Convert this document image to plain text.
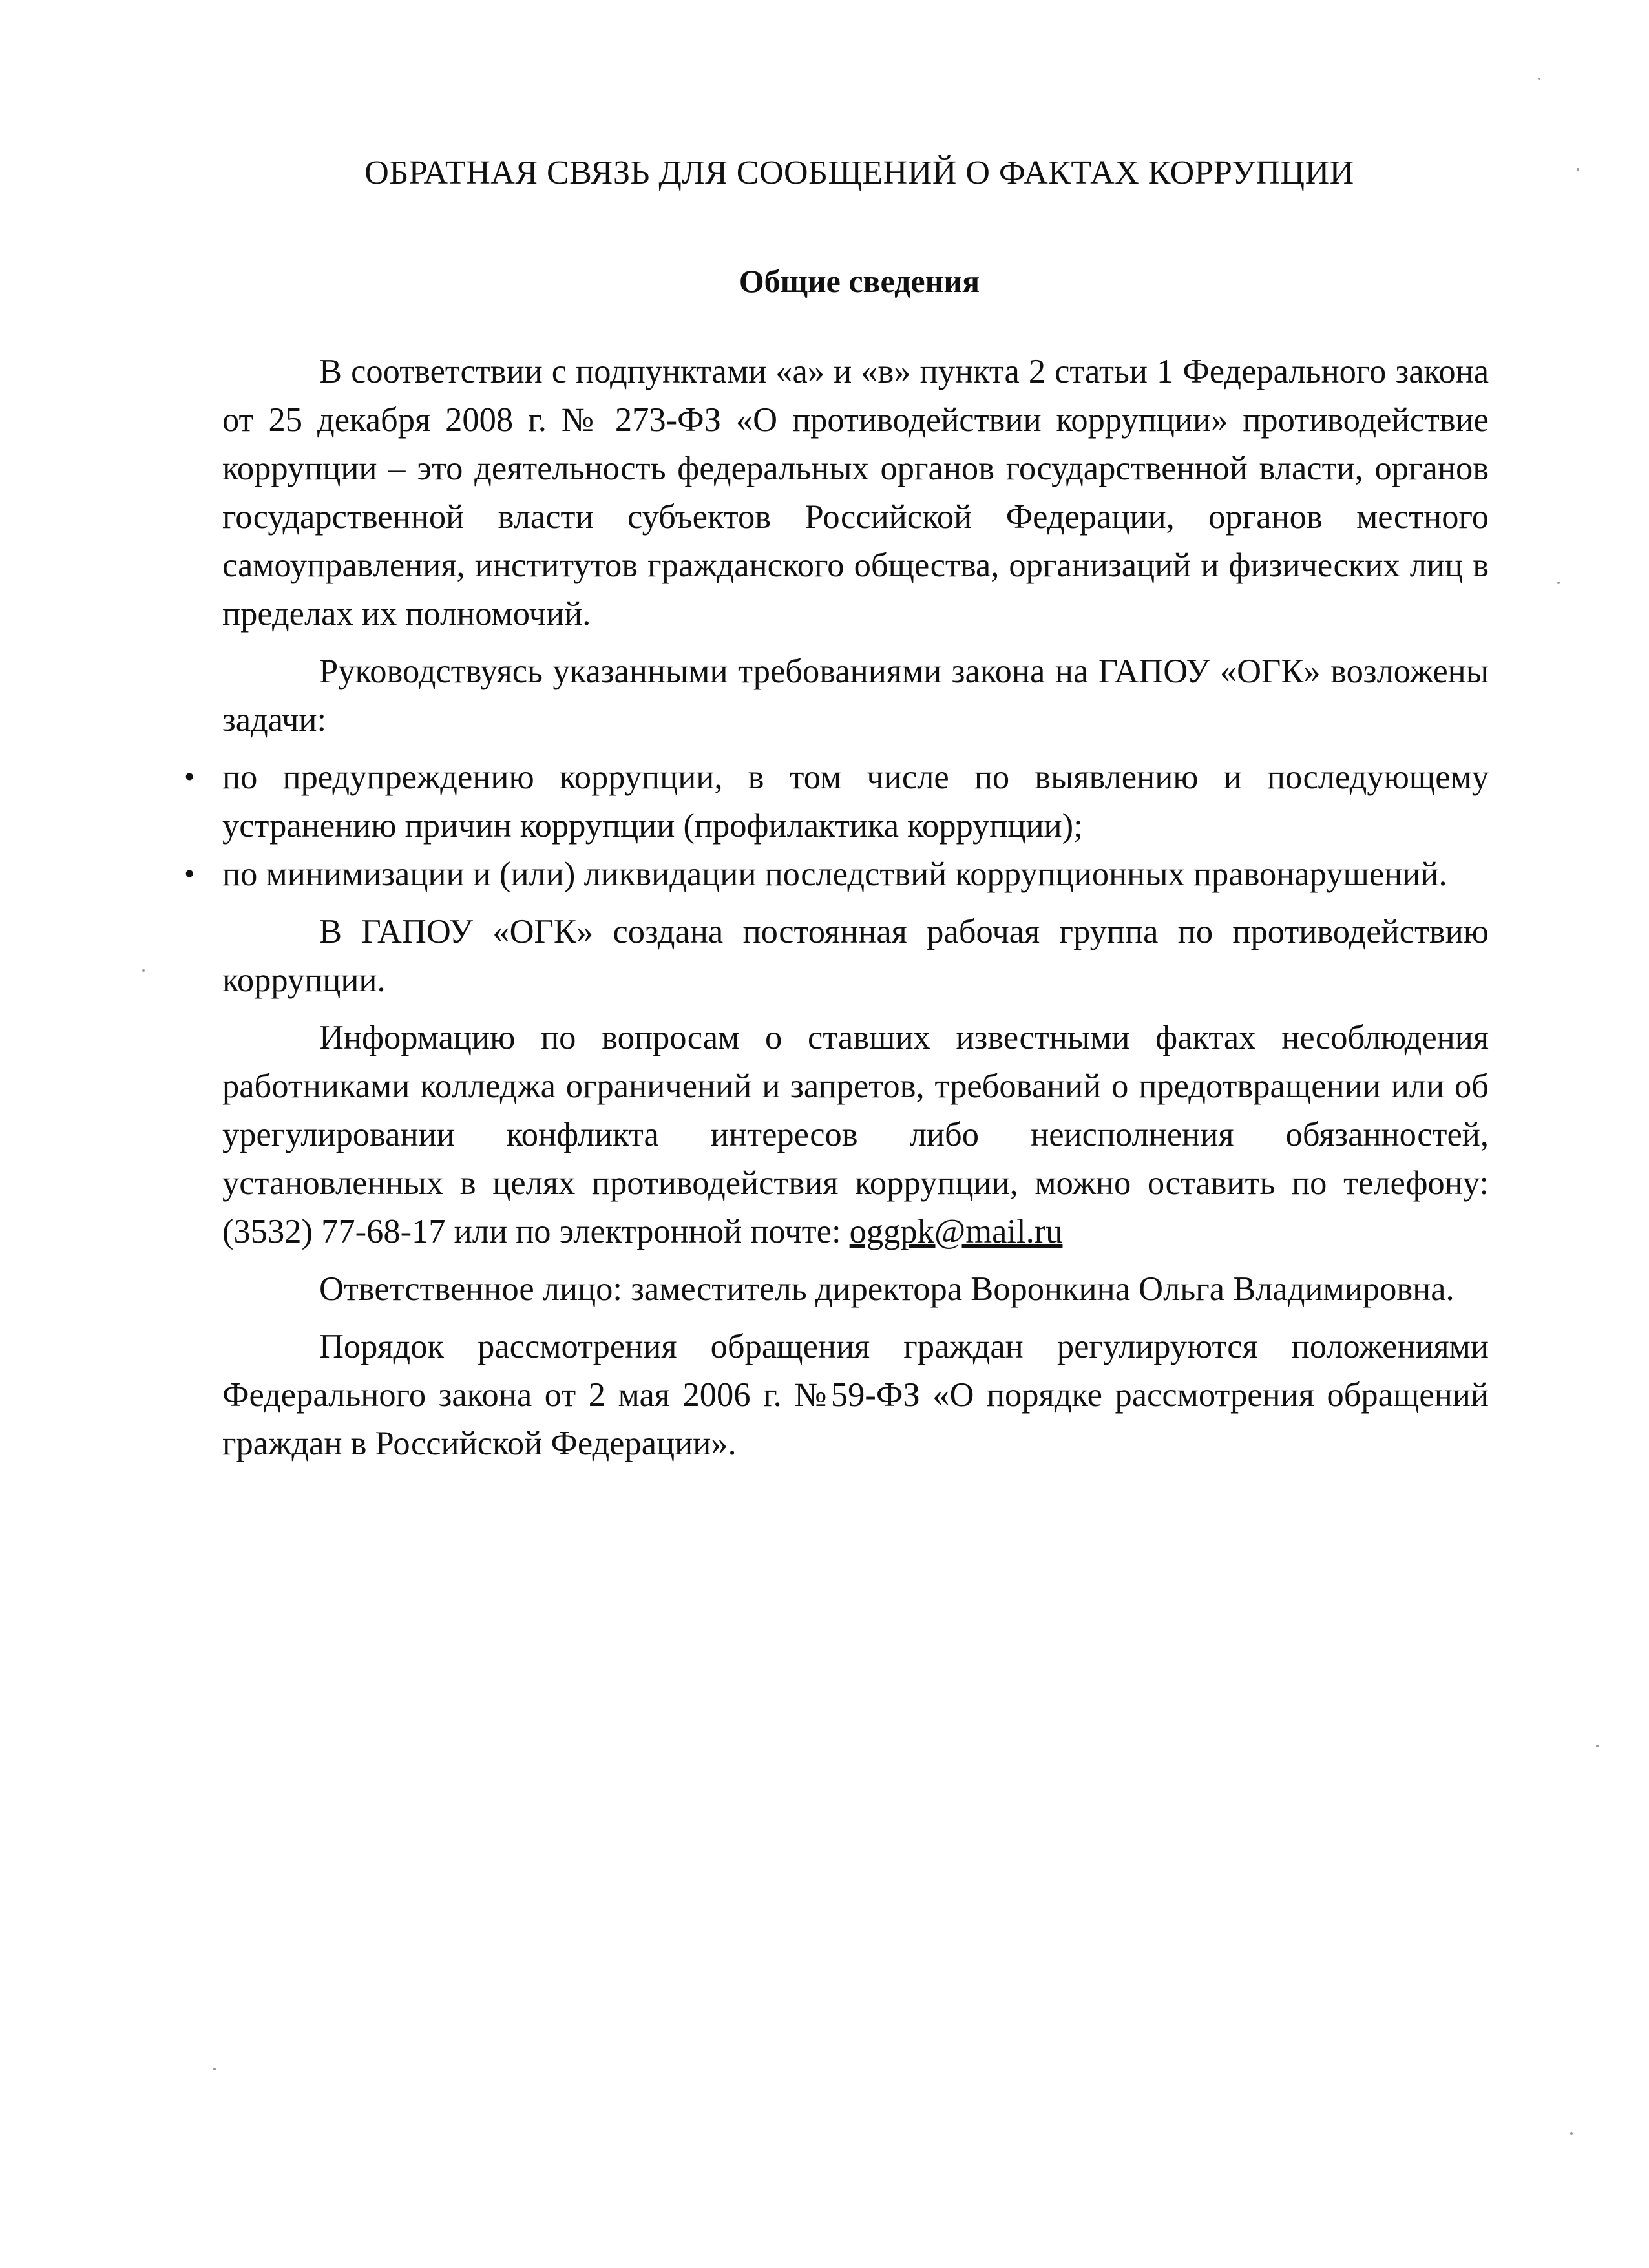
ОБРАТНАЯ СВЯЗЬ ДЛЯ СООБЩЕНИЙ О ФАКТАХ КОРРУПЦИИ
Общие сведения

В соответствии с подпунктами «а» и «в» пункта 2 статьи 1 Федерального закона от 25 декабря 2008 г. № 273-ФЗ «О противодействии коррупции» противодействие коррупции – это деятельность федеральных органов государственной власти, органов государственной власти субъектов Российской Федерации, органов местного самоуправления, институтов гражданского общества, организаций и физических лиц в пределах их полномочий.

Руководствуясь указанными требованиями закона на ГАПОУ «ОГК» возложены задачи:

• по предупреждению коррупции, в том числе по выявлению и последующему устранению причин коррупции (профилактика коррупции);
• по минимизации и (или) ликвидации последствий коррупционных правонарушений.

В ГАПОУ «ОГК» создана постоянная рабочая группа по противодействию коррупции.

Информацию по вопросам о ставших известными фактах несоблюдения работниками колледжа ограничений и запретов, требований о предотвращении или об урегулировании конфликта интересов либо неисполнения обязанностей, установленных в целях противодействия коррупции, можно оставить по телефону: (3532) 77-68-17 или по электронной почте: oggpk@mail.ru

Ответственное лицо: заместитель директора Воронкина Ольга Владимировна.

Порядок рассмотрения обращения граждан регулируются положениями Федерального закона от 2 мая 2006 г. №59-ФЗ «О порядке рассмотрения обращений граждан в Российской Федерации».
